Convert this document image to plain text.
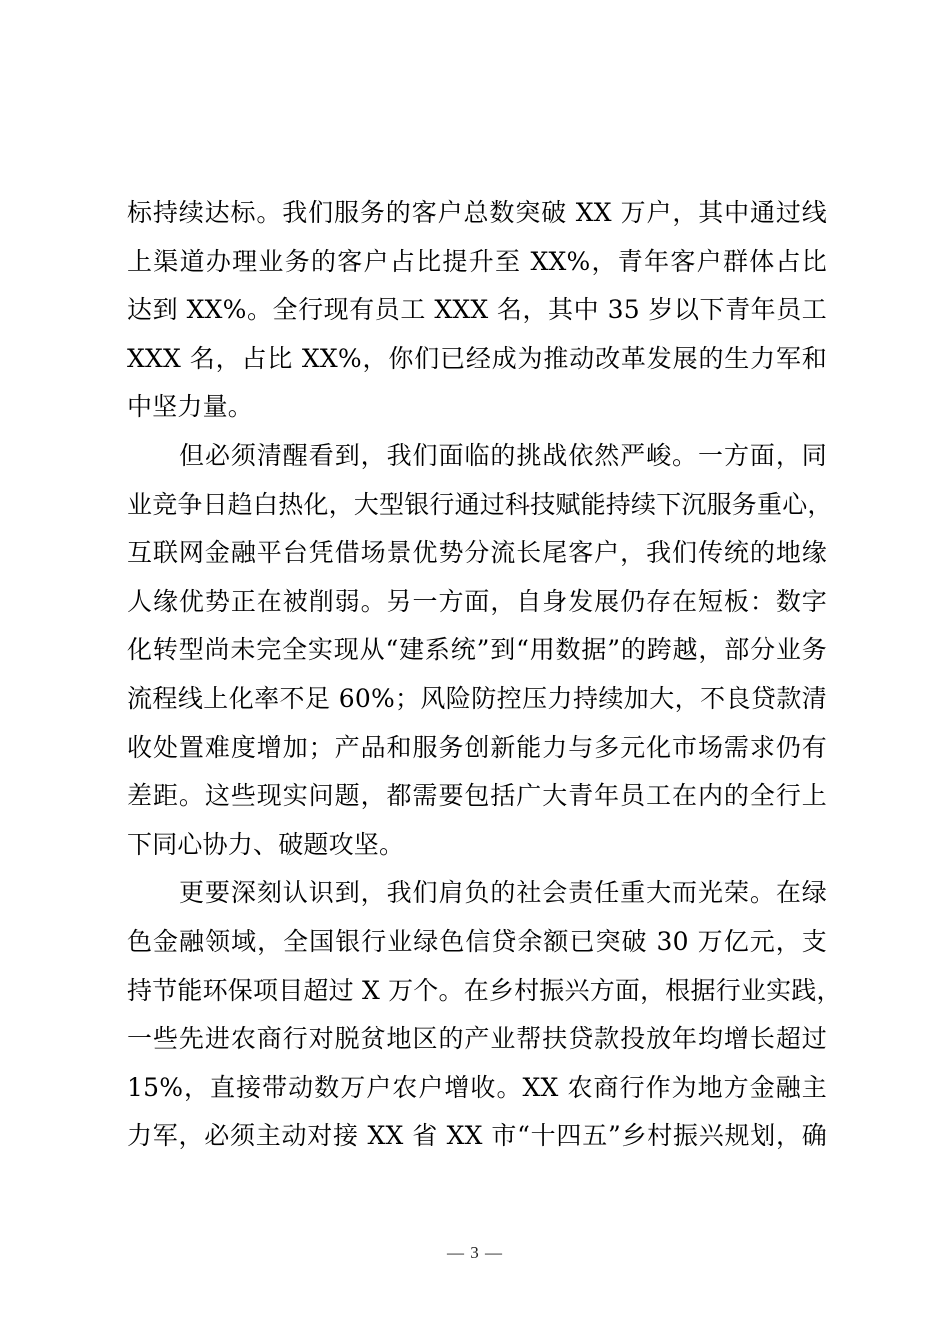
标持续达标。我们服务的客户总数突破 XX 万户，其中通过线
上渠道办理业务的客户占比提升至 XX%，青年客户群体占比
达到 XX%。全行现有员工 XXX 名，其中 35 岁以下青年员工
XXX 名，占比 XX%，你们已经成为推动改革发展的生力军和
中坚力量。
但必须清醒看到，我们面临的挑战依然严峻。一方面，同
业竞争日趋白热化，大型银行通过科技赋能持续下沉服务重心，
互联网金融平台凭借场景优势分流长尾客户，我们传统的地缘
人缘优势正在被削弱。另一方面，自身发展仍存在短板：数字
化转型尚未完全实现从“建系统”到“用数据”的跨越，部分业务
流程线上化率不足 60%；风险防控压力持续加大，不良贷款清
收处置难度增加；产品和服务创新能力与多元化市场需求仍有
差距。这些现实问题，都需要包括广大青年员工在内的全行上
下同心协力、破题攻坚。
更要深刻认识到，我们肩负的社会责任重大而光荣。在绿
色金融领域，全国银行业绿色信贷余额已突破 30 万亿元，支
持节能环保项目超过 X 万个。在乡村振兴方面，根据行业实践，
一些先进农商行对脱贫地区的产业帮扶贷款投放年均增长超过
15%，直接带动数万户农户增收。XX 农商行作为地方金融主
力军，必须主动对接 XX 省 XX 市“十四五”乡村振兴规划，确
— 3 —
